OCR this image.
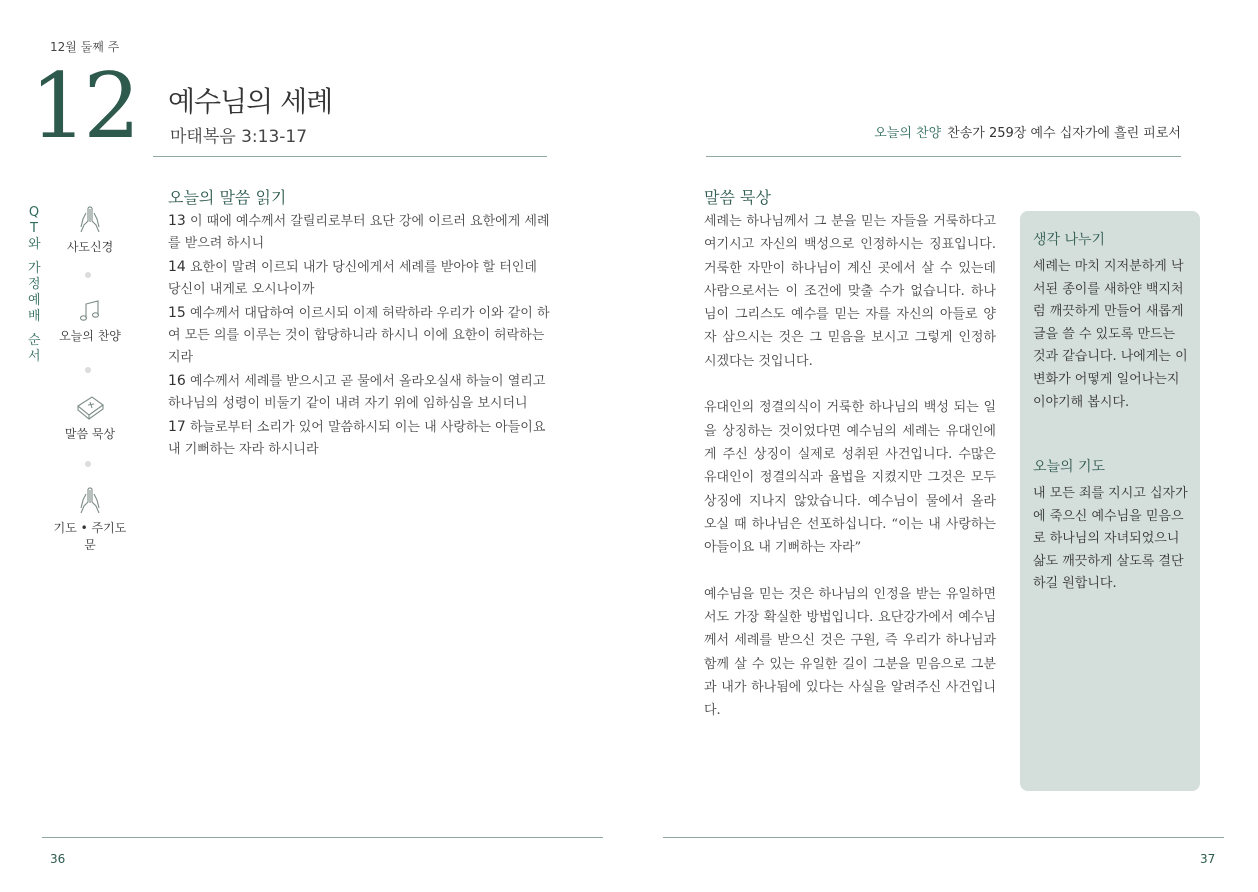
12월 둘째 주
12 예수님의 세례
마태복음 3:13-17	오늘의 찬양 찬송가 259장 예수 십자가에 흘린 피로서
Q
T
와
가
정
예
배
순
서
사도신경
오늘의 찬양
말씀 묵상
기도 • 주기도문
오늘의 말씀 읽기

13 이 때에 예수께서 갈릴리로부터 요단 강에 이르러 요한에게 세례를 받으려 하시니

14 요한이 말려 이르되 내가 당신에게서 세례를 받아야 할 터인데 당신이 내게로 오시나이까

15 예수께서 대답하여 이르시되 이제 허락하라 우리가 이와 같이 하여 모든 의를 이루는 것이 합당하니라 하시니 이에 요한이 허락하는지라

16 예수께서 세례를 받으시고 곧 물에서 올라오실새 하늘이 열리고 하나님의 성령이 비둘기 같이 내려 자기 위에 임하심을 보시더니

17 하늘로부터 소리가 있어 말씀하시되 이는 내 사랑하는 아들이요 내 기뻐하는 자라 하시니라

말씀 묵상

세례는 하나님께서 그 분을 믿는 자들을 거룩하다고 여기시고 자신의 백성으로 인정하시는 징표입니다. 거룩한 자만이 하나님이 계신 곳에서 살 수 있는데 사람으로서는 이 조건에 맞출 수가 없습니다. 하나님이 그리스도 예수를 믿는 자를 자신의 아들로 양자 삼으시는 것은 그 믿음을 보시고 그렇게 인정하시겠다는 것입니다.

유대인의 정결의식이 거룩한 하나님의 백성 되는 일을 상징하는 것이었다면 예수님의 세례는 유대인에게 주신 상징이 실제로 성취된 사건입니다. 수많은 유대인이 정결의식과 율법을 지켰지만 그것은 모두 상징에 지나지 않았습니다. 예수님이 물에서 올라 오실 때 하나님은 선포하십니다. “이는 내 사랑하는 아들이요 내 기뻐하는 자라”

예수님을 믿는 것은 하나님의 인정을 받는 유일하면서도 가장 확실한 방법입니다. 요단강가에서 예수님께서 세례를 받으신 것은 구원, 즉 우리가 하나님과 함께 살 수 있는 유일한 길이 그분을 믿음으로 그분과 내가 하나됨에 있다는 사실을 알려주신 사건입니다.

생각 나누기
세례는 마치 지저분하게 낙서된 종이를 새하얀 백지처럼 깨끗하게 만들어 새롭게 글을 쓸 수 있도록 만드는 것과 같습니다. 나에게는 이 변화가 어떻게 일어나는지 이야기해 봅시다.
오늘의 기도
내 모든 죄를 지시고 십자가에 죽으신 예수님을 믿음으로 하나님의 자녀되었으니 삶도 깨끗하게 살도록 결단하길 원합니다.
36	37
